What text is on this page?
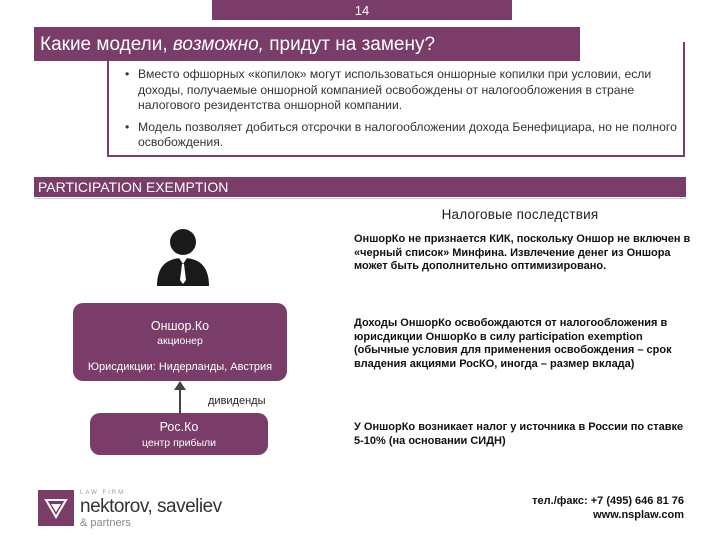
14
Какие модели, возможно, придут на замену?
• Вместо офшорных «копилок» могут использоваться оншорные копилки при условии, если доходы, получаемые оншорной компанией освобождены от налогообложения в стране налогового резидентства оншорной компании.
• Модель позволяет добиться отсрочки в налогообложении дохода Бенефициара, но не полного освобождения.
PARTICIPATION EXEMPTION
Налоговые последствия
Оншор.Ко
акционер
Юрисдикции: Нидерланды, Австрия
дивиденды
Рос.Ко
центр прибыли
ОншорКо не признается КИК, поскольку Оншор не включен в «черный список» Минфина. Извлечение денег из Оншора может быть дополнительно оптимизировано.
Доходы ОншорКо освобождаются от налогообложения в юрисдикции ОншорКо в силу participation exemption (обычные условия для применения освобождения – срок владения акциями РосКО, иногда – размер вклада)
У ОншорКо возникает налог у источника в России по ставке 5-10% (на основании СИДН)
LAW FIRM
nektorov, saveliev
& partners
тел./факс: +7 (495) 646 81 76
www.nsplaw.com
